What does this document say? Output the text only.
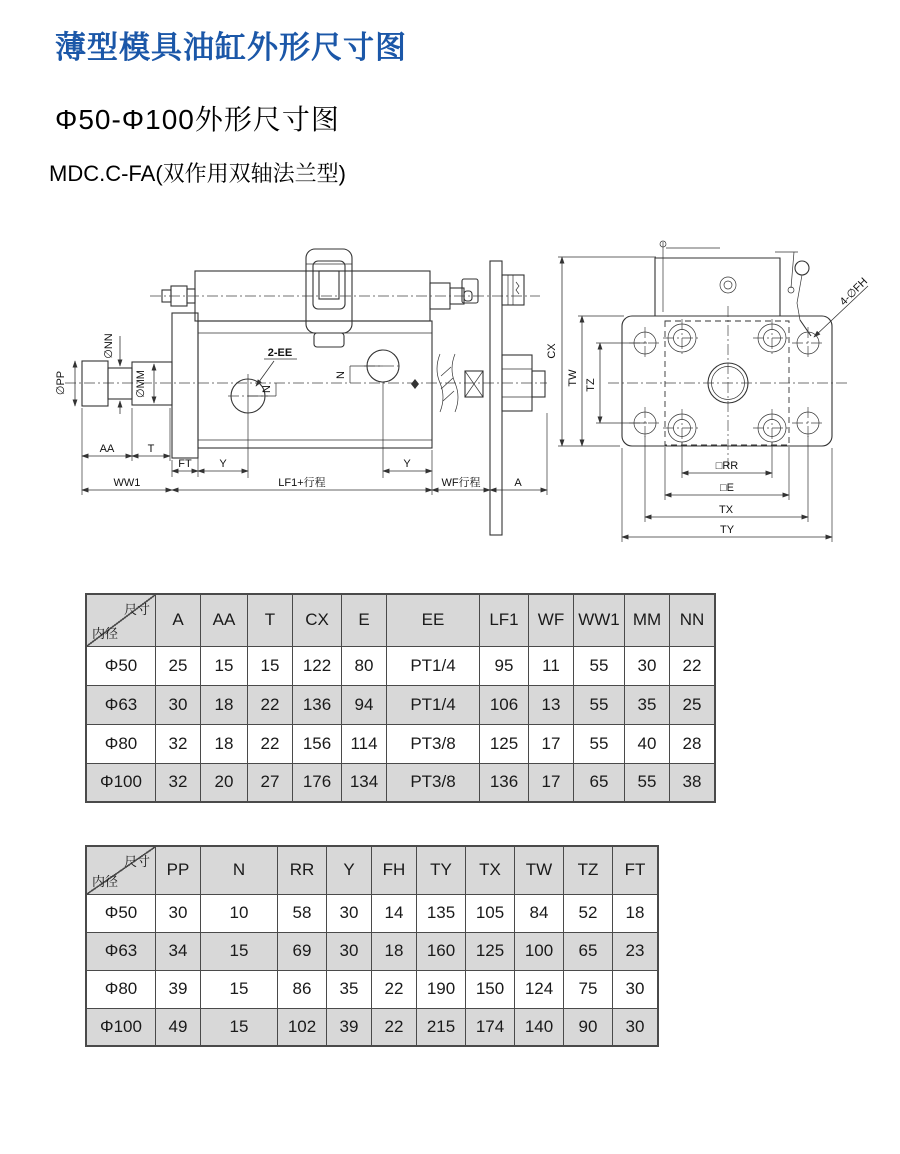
薄型模具油缸外形尺寸图
Φ50-Φ100外形尺寸图
MDC.C-FA(双作用双轴法兰型)
∅PP
∅NN
∅MM
2-EE
N
N
AA	T
FT	Y	Y
WW1	LF1+行程	WF行程	A
4-∅FH
CX
TW TZ
□RR
□E
TX
TY
尺寸
内径	A	AA	T	CX	E	EE	LF1	WF	WW1	MM	NN
Φ50	25	15	15	122	80	PT1/4	95	11	55	30	22
Φ63	30	18	22	136	94	PT1/4	106	13	55	35	25
Φ80	32	18	22	156	114	PT3/8	125	17	55	40	28
Φ100	32	20	27	176	134	PT3/8	136	17	65	55	38
尺寸
内径	PP	N	RR	Y	FH	TY	TX	TW	TZ	FT
Φ50	30	10	58	30	14	135	105	84	52	18
Φ63	34	15	69	30	18	160	125	100	65	23
Φ80	39	15	86	35	22	190	150	124	75	30
Φ100	49	15	102	39	22	215	174	140	90	30
